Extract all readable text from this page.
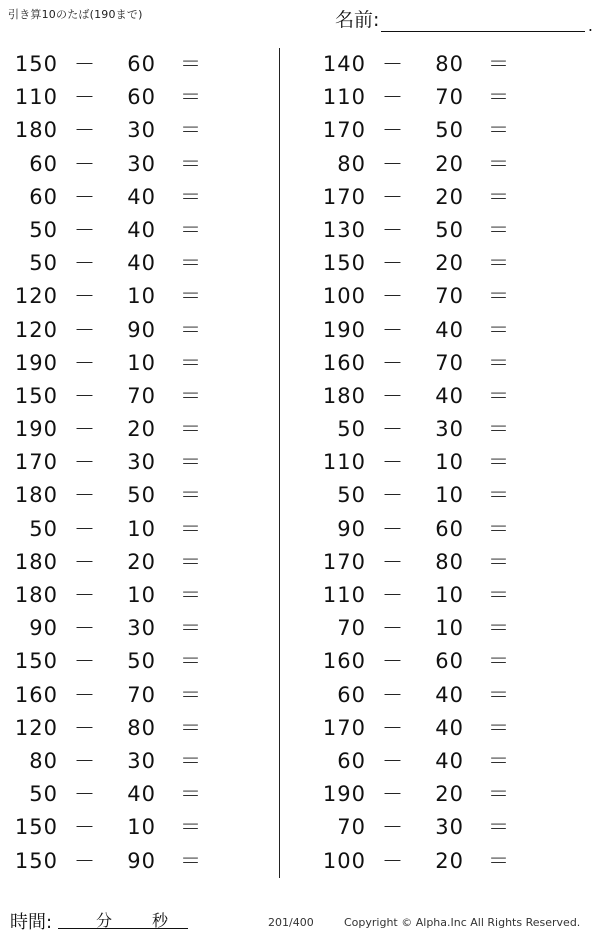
引き算10のたば(190まで)	名前:	.
150 －	60 ＝
110 －	60 ＝
180 －	30 ＝
60 －	30 ＝
60 －	40 ＝
50 －	40 ＝
50 －	40 ＝
120 －	10 ＝
120 －	90 ＝
190 －	10 ＝
150 －	70 ＝
190 －	20 ＝
170 －	30 ＝
180 －	50 ＝
50 －	10 ＝
180 －	20 ＝
180 －	10 ＝
90 －	30 ＝
150 －	50 ＝
160 －	70 ＝
120 －	80 ＝
80 －	30 ＝
50 －	40 ＝
150 －	10 ＝
150 －	90 ＝
140 －	80 ＝
110 －	70 ＝
170 －	50 ＝
80 －	20 ＝
170 －	20 ＝
130 －	50 ＝
150 －	20 ＝
100 －	70 ＝
190 －	40 ＝
160 －	70 ＝
180 －	40 ＝
50 －	30 ＝
110 －	10 ＝
50 －	10 ＝
90 －	60 ＝
170 －	80 ＝
110 －	10 ＝
70 －	10 ＝
160 －	60 ＝
60 －	40 ＝
170 －	40 ＝
60 －	40 ＝
190 －	20 ＝
70 －	30 ＝
100 －	20 ＝
時間:	分 秒	201/400	Copyright © Alpha.Inc All Rights Reserved.
